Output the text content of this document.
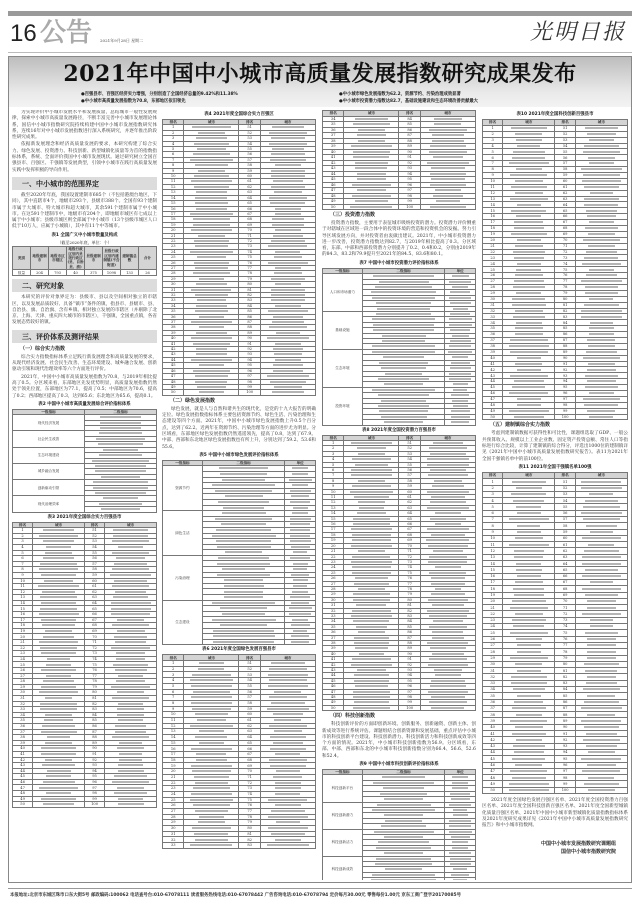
16 公告 2021年9月28日 星期二	光明日报
2021年中国中小城市高质量发展指数研究成果发布
●百强县市、百强区经济实力增强，分别创造了全国经济总量的9.42%和11.38%
●中小城市高质量发展指数为70.8，东部地区依旧领先
●中小城市绿色发展指数为62.2，资源节约、污染治理成效显著
●中小城市投资潜力指数达82.7，基础设施建设和生态环境改善贡献最大

为实现评价中小城市发展水平和发展质量，总结城市一般性发展规律，探索中小城市高质量发展路径，不断丰富完善中小城市发展理论体系，国信中小城市指数研究院持续构建中国中小城市发展指数研究体系，连续16年对中小城市发展指数进行深入系统研究，并逐年推出阶段性研究成果。

依据新发展理念和经济高质量发展的要求，本研究构建了综合实力、绿色发展、投资潜力、科技创新、新型城镇化质量等为首的指数指标体系，系统、全面评价我国中小城市发展现状。通过研究树立全国百强县市、百强区、千强镇等发展典型，引领中小城市在践行高质量发展实践中发挥积极的导向作用。

一、中小城市的范围界定

截至2020年年底，我国设置建制市685个（不包括港澳台地区，下同），其中直辖市4个，地级市293个，县级市388个。全国有93个建制市属于大城市、特大城市和超大城市，其余591个建制市属于中小城市。在这591个建制市中，地级市有204个，即地级市城区有七成以上属于中小城市；县级市城区则全部属于中小城市（13个县级市城区人口低于10万人，应属于小城镇），其中有11个中等城市。

表1 全国广义中小城市数量及构成
（截至2020年底，单位：个）
类别	地级建制市	地级市区市辖区	地级行政区划内县级行政区(县、自治县、旗)	县级建制市	县级行政区划内建制镇(不含街道)	建制镇总数	合计
数量	204	793	40	375	1098	133	26
二、研究对象

本研究的评价对象界定为：县级市、县以及空间相对独立的市辖区，以及发展品质较好、具备“镇市”条件的镇，指县市、县级市、县、自治县、旗、自治旗、含有乡镇、相对独立发展的市辖区（并剔除了北京、上海、天津、重庆四大城市的市辖区），千强镇，全国重点镇，各省发展态势较好的镇。

三、评价体系及测评结果
（一）综合实力指数

综合实力指数指标体系立足践行新发展理念和高质量发展的要求，从现代经济发展、社会民生改善、生态环境建设、城乡融合发展、创新驱动引领和现代治理效率等六个方面进行评价。

2021年，中国中小城市高质量发展指数为70.8，与2019年相比提高了0.5。分区域来看，东部地区先发优势明显，高质量发展指数仍然处于领先位置，东部地区为77.1，提高了0.5；中部地区为70.6，提高了0.2；西部地区提高了0.3，达到65.6；东北地区为65.6，提高0.1。

表2 中国中小城市高质量发展综合评价指标体系
一级指标	二级指标
现代经济发展	

社会民生改善	

生态环境建设	

城乡融合发展	

创新驱动引领	

现代治理效率	

表3 2021年度全国综合实力百强县市
排名	城市	排名	城市
1		51	
2		52	
3		53	
4		54	
5		55	
6		56	
7		57	
8		58	
9		59	
10		60	
11		61	
12		62	
13		63	
14		64	
15		65	
16		66	
17		67	
18		68	
19		69	
20		70	
21		71	
22		72	
23		73	
24		74	
25		75	
26		76	
27		77	
28		78	
29		79	
30		80	
31		81	
32		82	
33		83	
34		84	
35		85	
36		86	
37		87	
38		88	
39		89	
40		90	
41		91	
42		92	
43		93	
44		94	
45		95	
46		96	
47		97	
48		98	
49		99	
50		100	
表4 2021年度全国综合实力百强区
排名	城市	排名	城市
1		51	
2		52	
3		53	
4		54	
5		55	
6		56	
7		57	
8		58	
9		59	
10		60	
11		61	
12		62	
13		63	
14		64	
15		65	
16		66	
17		67	
18		68	
19		69	
20		70	
21		71	
22		72	
23		73	
24		74	
25		75	
26		76	
27		77	
28		78	
29		79	
30		80	
31		81	
32		82	
33		83	
34		84	
35		85	
36		86	
37		87	
38		88	
39		89	
40		90	
41		91	
42		92	
43		93	
44		94	
45		95	
46		96	
47		97	
48		98	
49		99	
50		100	
（二）绿色发展指数

绿色发展，就是人与自然和谐共生的现代化，是党的十九大报告的明确定位。绿色发展指数指标体系主要包括资源节约、绿色生活、污染治理和生态建设等四个方面。2021年，中国中小城市绿色发展指数上升0.5个百分点，达到了62.2。近两年在资源节约、污染治理等方面的进步尤为明显。分区域看，东部地区绿色发展指数仍然遥遥领先，提高了0.8，达到了67.9。中部、西部和东北地区绿色发展指数也有所上升，分别达到了59.2、53.6和55.6。

表5 中国中小城市绿色发展评价指标体系
一级指标	二级指标	单位
资源节约		

绿色生活		

污染治理		

生态建设		

表6 2021年度全国绿色发展百强县市
排名	城市	排名	城市
1		51	
2		52	
3		53	
4		54	
5		55	
6		56	
7		57	
8		58	
9		59	
10		60	
11		61	
12		62	
13		63	
14		64	
15		65	
16		66	
17		67	
18		68	
19		69	
20		70	
21		71	
22		72	
23		73	
24		74	
25		75	
26		76	
27		77	
28		78	
29		79	
30		80	
31		81	
32		82	
33		83	
排名	城市	排名	城市
34		84	
35		85	
36		86	
37		87	
38		88	
39		89	
40		90	
41		91	
42		92	
43		93	
44		94	
45		95	
46		96	
47		97	
48		98	
49		99	
50		100	
（三）投资潜力指数

投资潜力指数，主要用于表征城市吸纳投资的潜力。投资潜力评价侧重于对辖城在区域进一段合体中的投资环境的营造和投资机会的发掘。努力引导区域发展方向，并对投资者由衷做出建议。2021年，中小城市投资潜力进一步改善，投资潜力指数达到82.7，与2019年相比提高了0.3。分区域看，东部、中部和西部投资潜力分别提升了0.2、0.4和0.2，分别由2019年的84.3、83.2和79.9提升至2021年的84.5、83.6和80.1。

表7 中国中小城市投资潜力评价指标体系
一级指标	二级指标	单位
人口和市场潜力		

基础设施		

生态环境		

投资环境		

表8 2021年度全国投资潜力百强县市
排名	城市	排名	城市
1		51	
2		52	
3		53	
4		54	
5		55	
6		56	
7		57	
8		58	
9		59	
10		60	
11		61	
12		62	
13		63	
14		64	
15		65	
16		66	
17		67	
18		68	
19		69	
20		70	
21		71	
22		72	
23		73	
24		74	
25		75	
26		76	
27		77	
28		78	
29		79	
30		80	
31		81	
32		82	
33		83	
34		84	
35		85	
36		86	
37		87	
38		88	
39		89	
40		90	
41		91	
42		92	
43		93	
44		94	
45		95	
46		96	
47		97	
48		98	
49		99	
50		100	
（四）科技创新指数

科技创新评价的方面即创新环境、创新服务、创新融资、创新主体、创新成效等进行系统评估。课题组结合创新资源和发展基础，重点评估中小城市的科技创新平台建设、科技创新潜力、科技创新活力和科技创新成效等四个方面的情况。2021年，中小城市科技创新指数为56.9。分区域看，东部、中部、西部和东北的中小城市科技创新指数分别为66.4、56.6、52.6和52.4。

表9 中国中小城市科技创新评价指标体系
一级指标	二级指标	单位
科技创新平台		

科技创新潜力		

科技创新活力		

科技创新成效		

表10 2021年度全国科技创新百强县市
排名	城市	排名	城市
1		51	
2		52	
3		53	
4		54	
5		55	
6		56	
7		57	
8		58	
9		59	
10		60	
11		61	
12		62	
13		63	
14		64	
15		65	
16		66	
17		67	
18		68	
19		69	
20		70	
21		71	
22		72	
23		73	
24		74	
25		75	
26		76	
27		77	
28		78	
29		79	
30		80	
31		81	
32		82	
33		83	
34		84	
35		85	
36		86	
37		87	
38		88	
39		89	
40		90	
41		91	
42		92	
43		93	
44		94	
45		95	
46		96	
47		97	
48		98	
49		99	
50		100	
（五）建制镇综合实力指数

考虑到建制镇数据可获得性和可比性，课题组选取了GDP、一般公共预算收入、规模以上工业企业数、固定资产投资总额、常住人口等指标进行综合比较，计算了建制镇的综合得分，评选出1000位的建制镇详见《2021年中国中小城市高质量发展指数研究报告》。表11为2021年全国千强镇名单中的前100位。

表11 2021年全国千强镇名单100强
排名	城市	排名	城市
1		51	
2		52	
3		53	
4		54	
5		55	
6		56	
7		57	
8		58	
9		59	
10		60	
11		61	
12		62	
13		63	
14		64	
15		65	
16		66	
17		67	
18		68	
19		69	
20		70	
21		71	
22		72	
23		73	
24		74	
25		75	
26		76	
27		77	
28		78	
29		79	
30		80	
31		81	
32		82	
33		83	
34		84	
35		85	
36		86	
37		87	
38		88	
39		89	
40		90	
41		91	
42		92	
43		93	
44		94	
45		95	
46		96	
47		97	
48		98	
49		99	
50		100	

2021年度全国绿色发展百强区名单、2021年度全国投资潜力百强区名单、2021年度全国科技创新百强区名单、2021年度全国新型城镇化质量百强区名单、2021年中国中小城市新型城镇化质量指数指标体系及2021年度研究成果详见《2021年中国中小城市高质量发展指数研究报告》和中小城市指数网。

中国中小城市发展指数研究课题组
国信中小城市指数研究院
本报地址:北京市东城区珠市口东大街5号 邮政编码:100062 电话查号台:010-67078111 读者服务热线电话:010-67078442 广告咨询电话:010-67078794 定价每月30.00元 零售每份1.00元 京东工商广登字20170085号
